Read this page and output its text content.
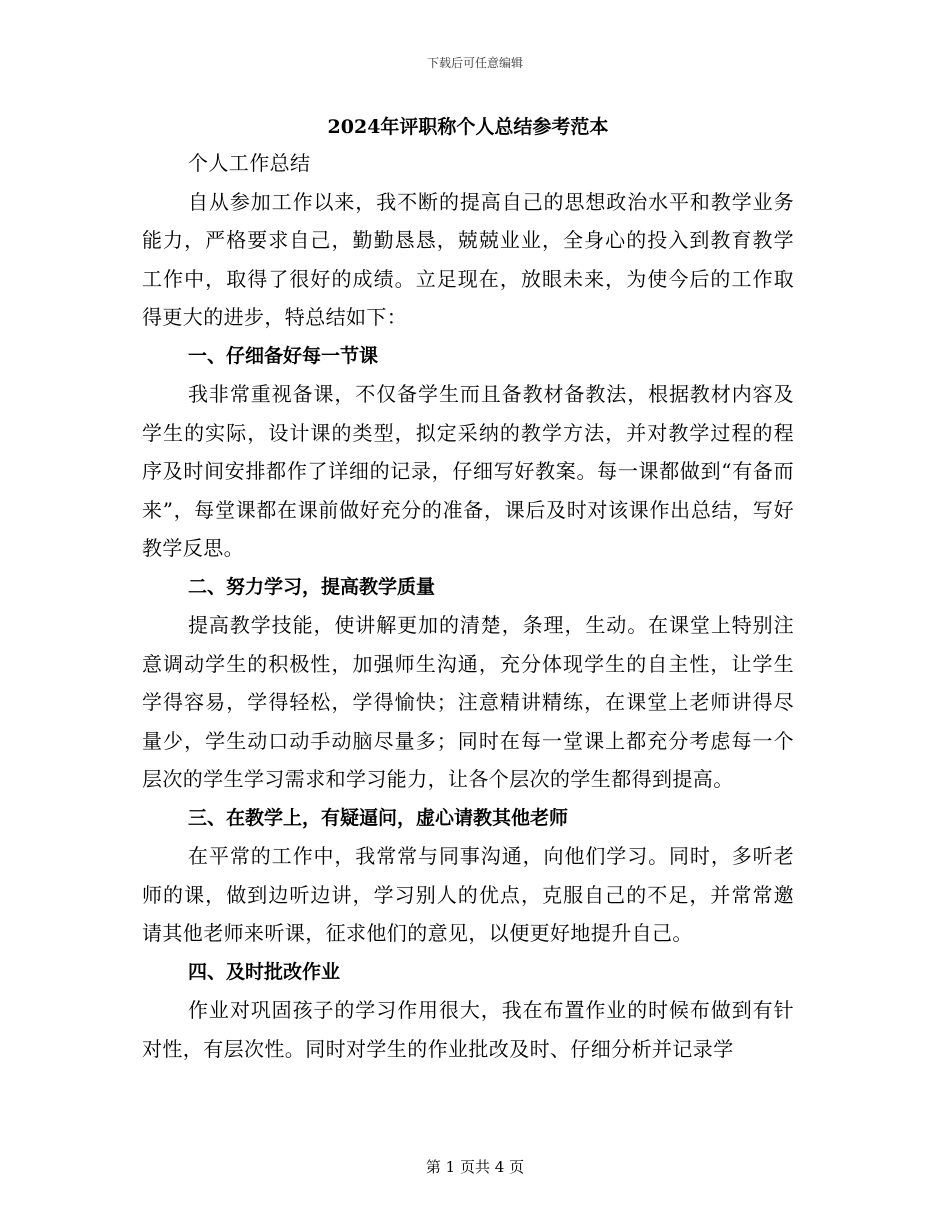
下载后可任意编辑
2024年评职称个人总结参考范本

个人工作总结

自从参加工作以来，我不断的提高自己的思想政治水平和教学业务能力，严格要求自己，勤勤恳恳，兢兢业业，全身心的投入到教育教学工作中，取得了很好的成绩。立足现在，放眼未来，为使今后的工作取得更大的进步，特总结如下：

一、仔细备好每一节课

我非常重视备课，不仅备学生而且备教材备教法，根据教材内容及学生的实际，设计课的类型，拟定采纳的教学方法，并对教学过程的程序及时间安排都作了详细的记录，仔细写好教案。每一课都做到“有备而来”，每堂课都在课前做好充分的准备，课后及时对该课作出总结，写好教学反思。

二、努力学习，提高教学质量

提高教学技能，使讲解更加的清楚，条理，生动。在课堂上特别注意调动学生的积极性，加强师生沟通，充分体现学生的自主性，让学生学得容易，学得轻松，学得愉快；注意精讲精练，在课堂上老师讲得尽量少，学生动口动手动脑尽量多；同时在每一堂课上都充分考虑每一个层次的学生学习需求和学习能力，让各个层次的学生都得到提高。

三、在教学上，有疑逼问，虚心请教其他老师

在平常的工作中，我常常与同事沟通，向他们学习。同时，多听老师的课，做到边听边讲，学习别人的优点，克服自己的不足，并常常邀请其他老师来听课，征求他们的意见，以便更好地提升自己。

四、及时批改作业

作业对巩固孩子的学习作用很大，我在布置作业的时候布做到有针对性，有层次性。同时对学生的作业批改及时、仔细分析并记录学

第 1 页共 4 页
